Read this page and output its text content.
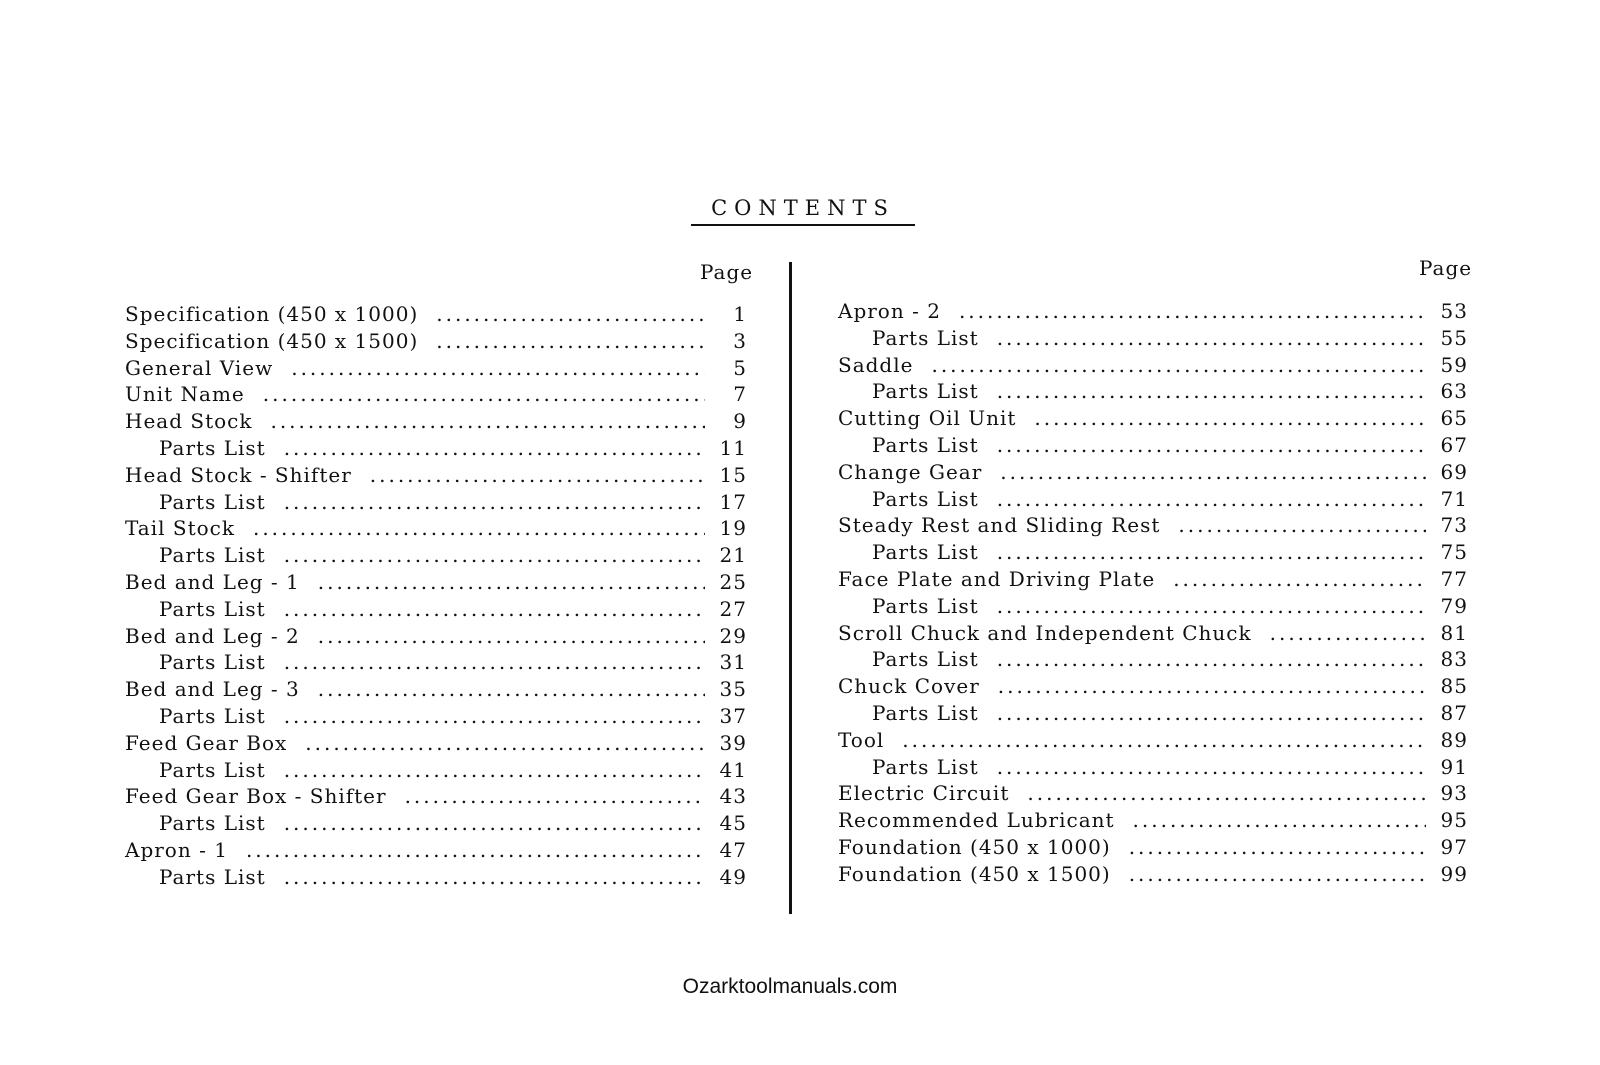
CONTENTS
Page	Page
Specification (450 x 1000) .....	1
Specification (450 x 1500) .....	3
General View .....	5
Unit Name .....	7
Head Stock .....	9
Parts List .....	11
Head Stock - Shifter .....	15
Parts List .....	17
Tail Stock .....	19
Parts List .....	21
Bed and Leg - 1 .....	25
Parts List .....	27
Bed and Leg - 2 .....	29
Parts List .....	31
Bed and Leg - 3 .....	35
Parts List .....	37
Feed Gear Box .....	39
Parts List .....	41
Feed Gear Box - Shifter .....	43
Parts List .....	45
Apron - 1 .....	47
Parts List .....	49
Apron - 2 .....	53
Parts List .....	55
Saddle .....	59
Parts List .....	63
Cutting Oil Unit .....	65
Parts List .....	67
Change Gear .....	69
Parts List .....	71
Steady Rest and Sliding Rest .....	73
Parts List .....	75
Face Plate and Driving Plate .....	77
Parts List .....	79
Scroll Chuck and Independent Chuck .....	81
Parts List .....	83
Chuck Cover .....	85
Parts List .....	87
Tool .....	89
Parts List .....	91
Electric Circuit .....	93
Recommended Lubricant .....	95
Foundation (450 x 1000) .....	97
Foundation (450 x 1500) .....	99
Ozarktoolmanuals.com
